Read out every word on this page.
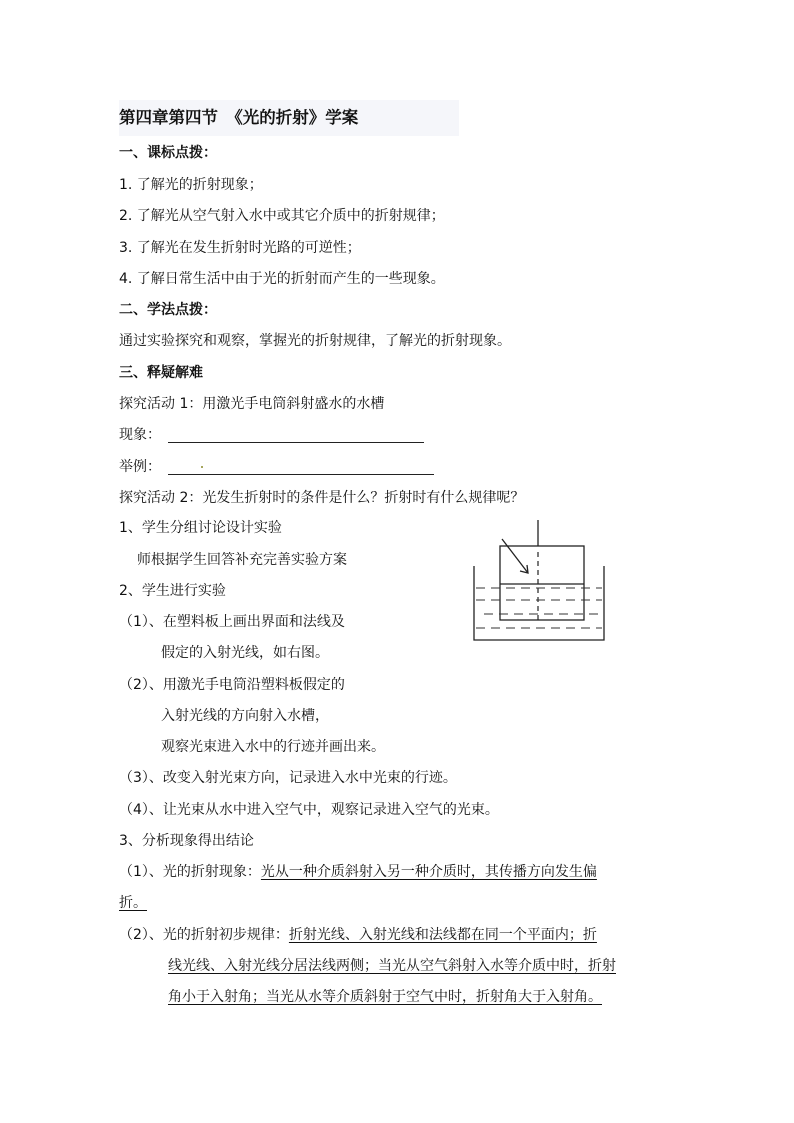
第四章第四节　《光的折射》学案
一、课标点拨：
1. 了解光的折射现象；
2. 了解光从空气射入水中或其它介质中的折射规律；
3. 了解光在发生折射时光路的可逆性；
4. 了解日常生活中由于光的折射而产生的一些现象。
二、学法点拨：
通过实验探究和观察，掌握光的折射规律，了解光的折射现象。
三、释疑解难
探究活动 1：用激光手电筒斜射盛水的水槽
现象：
举例：
探究活动 2：光发生折射时的条件是什么？折射时有什么规律呢？
1、学生分组讨论设计实验
师根据学生回答补充完善实验方案
2、学生进行实验
（1）、在塑料板上画出界面和法线及
假定的入射光线，如右图。
（2）、用激光手电筒沿塑料板假定的
入射光线的方向射入水槽，
观察光束进入水中的行迹并画出来。
（3）、改变入射光束方向，记录进入水中光束的行迹。
（4）、让光束从水中进入空气中，观察记录进入空气的光束。
3、分析现象得出结论
（1）、光的折射现象：光从一种介质斜射入另一种介质时，其传播方向发生偏
折。
（2）、光的折射初步规律：折射光线、入射光线和法线都在同一个平面内；折
线光线、入射光线分居法线两侧；当光从空气斜射入水等介质中时，折射
角小于入射角；当光从水等介质斜射于空气中时，折射角大于入射角。
